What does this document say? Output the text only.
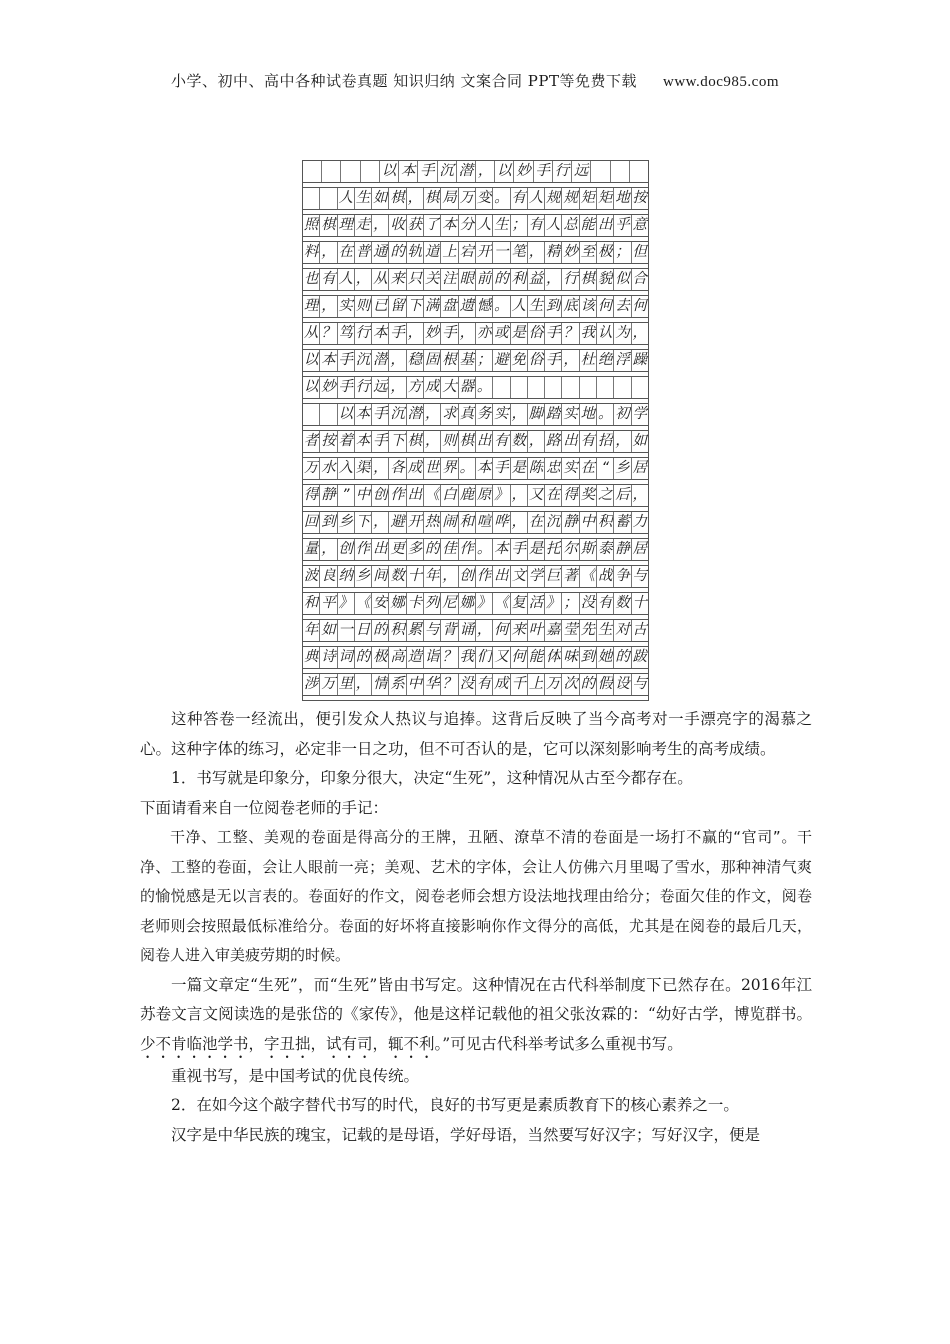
小学、初中、高中各种试卷真题 知识归纳 文案合同 PPT等免费下载 www.doc985.com
以 本 手 沉 潜 ， 以 妙 手 行 远
人 生 如 棋 ， 棋 局 万 变 。 有 人 规 规 矩 矩 地 按
照 棋 理 走 ， 收 获 了 本 分 人 生 ； 有 人 总 能 出 乎 意
料 ， 在 普 通 的 轨 道 上 宕 开 一 笔 ， 精 妙 至 极 ； 但
也 有 人 ， 从 来 只 关 注 眼 前 的 利 益 ， 行 棋 貌 似 合
理 ， 实 则 已 留 下 满 盘 遗 憾 。 人 生 到 底 该 何 去 何
从 ？ 笃 行 本 手 ， 妙 手 ， 亦 或 是 俗 手 ？ 我 认 为 ，
以 本 手 沉 潜 ， 稳 固 根 基 ； 避 免 俗 手 ， 杜 绝 浮 躁
以 妙 手 行 远 ， 方 成 大 器 。
以 本 手 沉 潜 ， 求 真 务 实 ， 脚 踏 实 地 。 初 学
者 按 着 本 手 下 棋 ， 则 棋 出 有 数 ， 路 出 有 招 ， 如
万 水 入 渠 ， 各 成 世 界 。 本 手 是 陈 忠 实 在 “ 乡 居
得 静 ” 中 创 作 出 《 白 鹿 原 》 ， 又 在 得 奖 之 后 ，
回 到 乡 下 ， 避 开 热 闹 和 喧 哗 ， 在 沉 静 中 积 蓄 力
量 ， 创 作 出 更 多 的 佳 作 。 本 手 是 托 尔 斯 泰 静 居
波 良 纳 乡 间 数 十 年 ， 创 作 出 文 学 巨 著 《 战 争 与
和 平 》 《 安 娜 卡 列 尼 娜 》 《 复 活 》 ； 没 有 数 十
年 如 一 日 的 积 累 与 背 诵 ， 何 来 叶 嘉 莹 先 生 对 古
典 诗 词 的 极 高 造 诣 ？ 我 们 又 何 能 体 味 到 她 的 跋
涉 万 里 ， 情 系 中 华 ？ 没 有 成 千 上 万 次 的 假 设 与

这种答卷一经流出，便引发众人热议与追捧。这背后反映了当今高考对一手漂亮字的渴慕之心。这种字体的练习，必定非一日之功，但不可否认的是，它可以深刻影响考生的高考成绩。

1．书写就是印象分，印象分很大，决定“生死”，这种情况从古至今都存在。

下面请看来自一位阅卷老师的手记：

干净、工整、美观的卷面是得高分的王牌，丑陋、潦草不清的卷面是一场打不赢的“官司”。干净、工整的卷面，会让人眼前一亮；美观、艺术的字体，会让人仿佛六月里喝了雪水，那种神清气爽的愉悦感是无以言表的。卷面好的作文，阅卷老师会想方设法地找理由给分；卷面欠佳的作文，阅卷老师则会按照最低标准给分。卷面的好坏将直接影响你作文得分的高低，尤其是在阅卷的最后几天，阅卷人进入审美疲劳期的时候。

一篇文章定“生死”，而“生死”皆由书写定。这种情况在古代科举制度下已然存在。2016年江苏卷文言文阅读选的是张岱的《家传》，他是这样记载他的祖父张汝霖的：“幼好古学，博览群书。少不肯临池学书，字丑拙，试有司，辄不利。”可见古代科举考试多么重视书写。

重视书写，是中国考试的优良传统。

2．在如今这个敲字替代书写的时代，良好的书写更是素质教育下的核心素养之一。

汉字是中华民族的瑰宝，记载的是母语，学好母语，当然要写好汉字；写好汉字，便是
